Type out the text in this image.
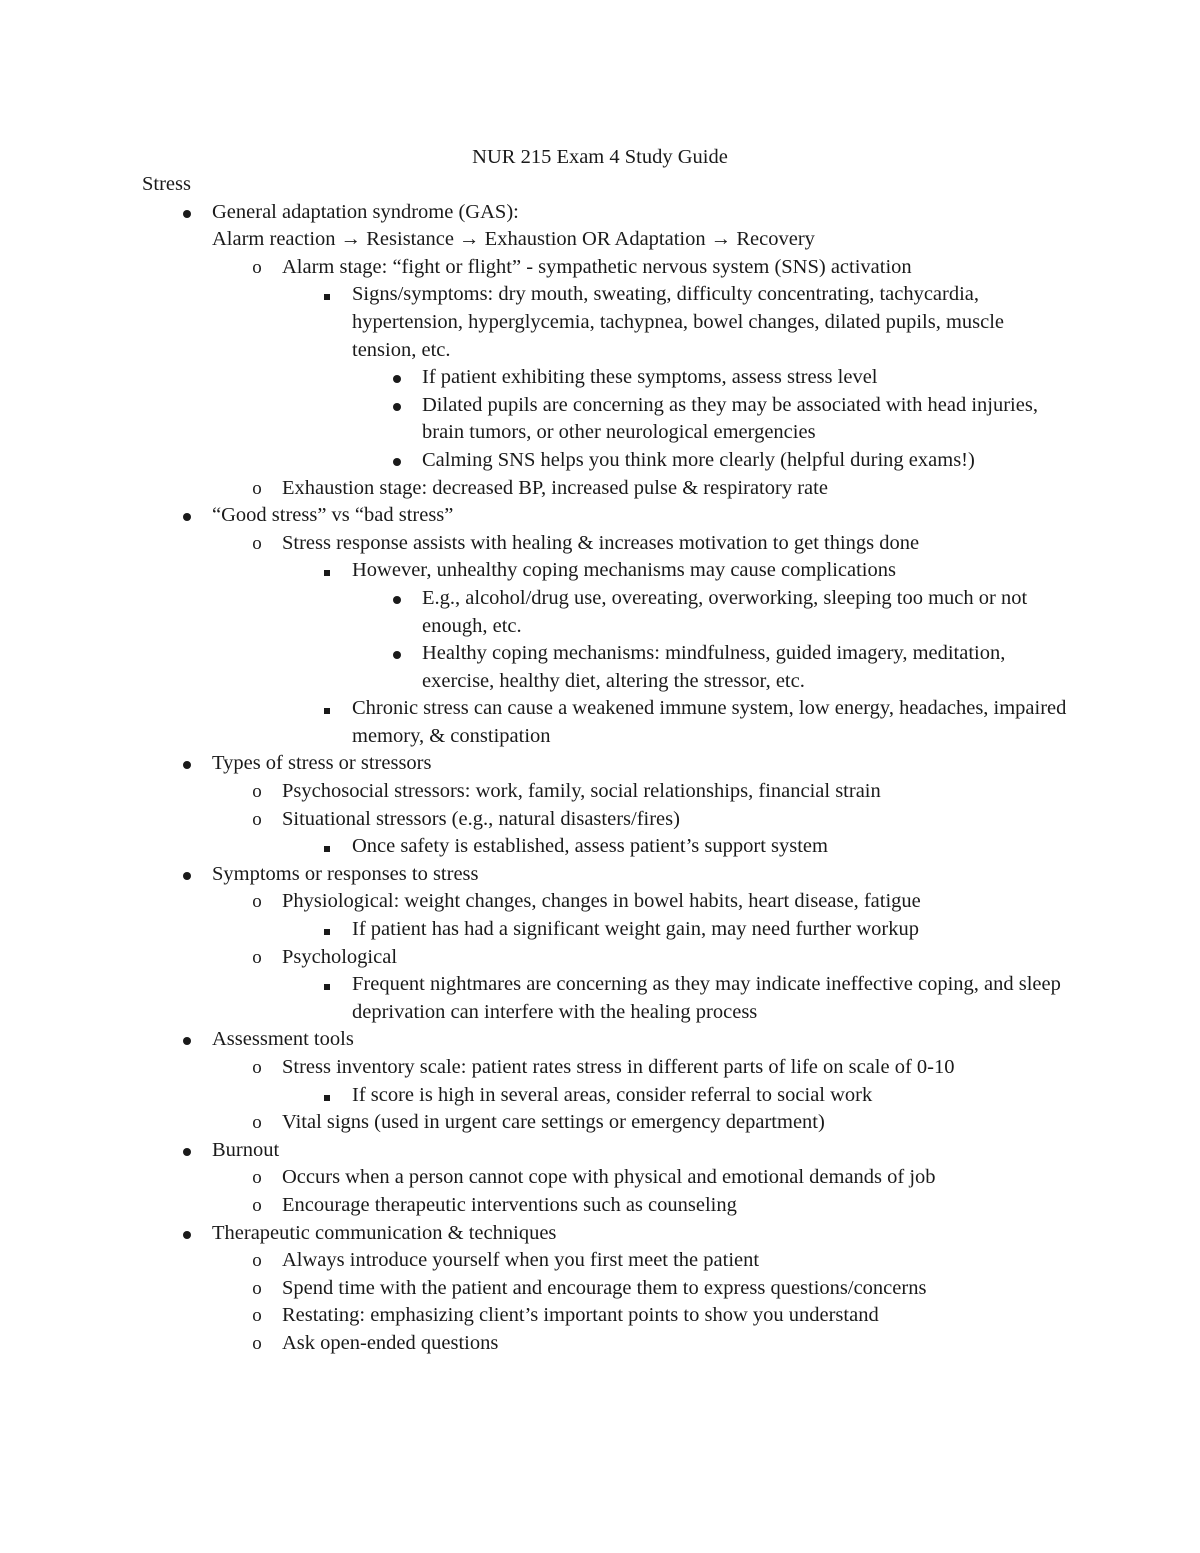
NUR 215 Exam 4 Study Guide
Stress
General adaptation syndrome (GAS):
Alarm reaction → Resistance → Exhaustion OR Adaptation → Recovery
o Alarm stage: “fight or flight” - sympathetic nervous system (SNS) activation
Signs/symptoms: dry mouth, sweating, difficulty concentrating, tachycardia, hypertension, hyperglycemia, tachypnea, bowel changes, dilated pupils, muscle tension, etc.
If patient exhibiting these symptoms, assess stress level
Dilated pupils are concerning as they may be associated with head injuries, brain tumors, or other neurological emergencies
Calming SNS helps you think more clearly (helpful during exams!)
o Exhaustion stage: decreased BP, increased pulse & respiratory rate
“Good stress” vs “bad stress”
o Stress response assists with healing & increases motivation to get things done
However, unhealthy coping mechanisms may cause complications
E.g., alcohol/drug use, overeating, overworking, sleeping too much or not enough, etc.
Healthy coping mechanisms: mindfulness, guided imagery, meditation, exercise, healthy diet, altering the stressor, etc.
Chronic stress can cause a weakened immune system, low energy, headaches, impaired memory, & constipation
Types of stress or stressors
o Psychosocial stressors: work, family, social relationships, financial strain
o Situational stressors (e.g., natural disasters/fires)
Once safety is established, assess patient’s support system
Symptoms or responses to stress
o Physiological: weight changes, changes in bowel habits, heart disease, fatigue
If patient has had a significant weight gain, may need further workup
o Psychological
Frequent nightmares are concerning as they may indicate ineffective coping, and sleep deprivation can interfere with the healing process
Assessment tools
o Stress inventory scale: patient rates stress in different parts of life on scale of 0-10
If score is high in several areas, consider referral to social work
o Vital signs (used in urgent care settings or emergency department)
Burnout
o Occurs when a person cannot cope with physical and emotional demands of job
o Encourage therapeutic interventions such as counseling
Therapeutic communication & techniques
o Always introduce yourself when you first meet the patient
o Spend time with the patient and encourage them to express questions/concerns
o Restating: emphasizing client’s important points to show you understand
o Ask open-ended questions
